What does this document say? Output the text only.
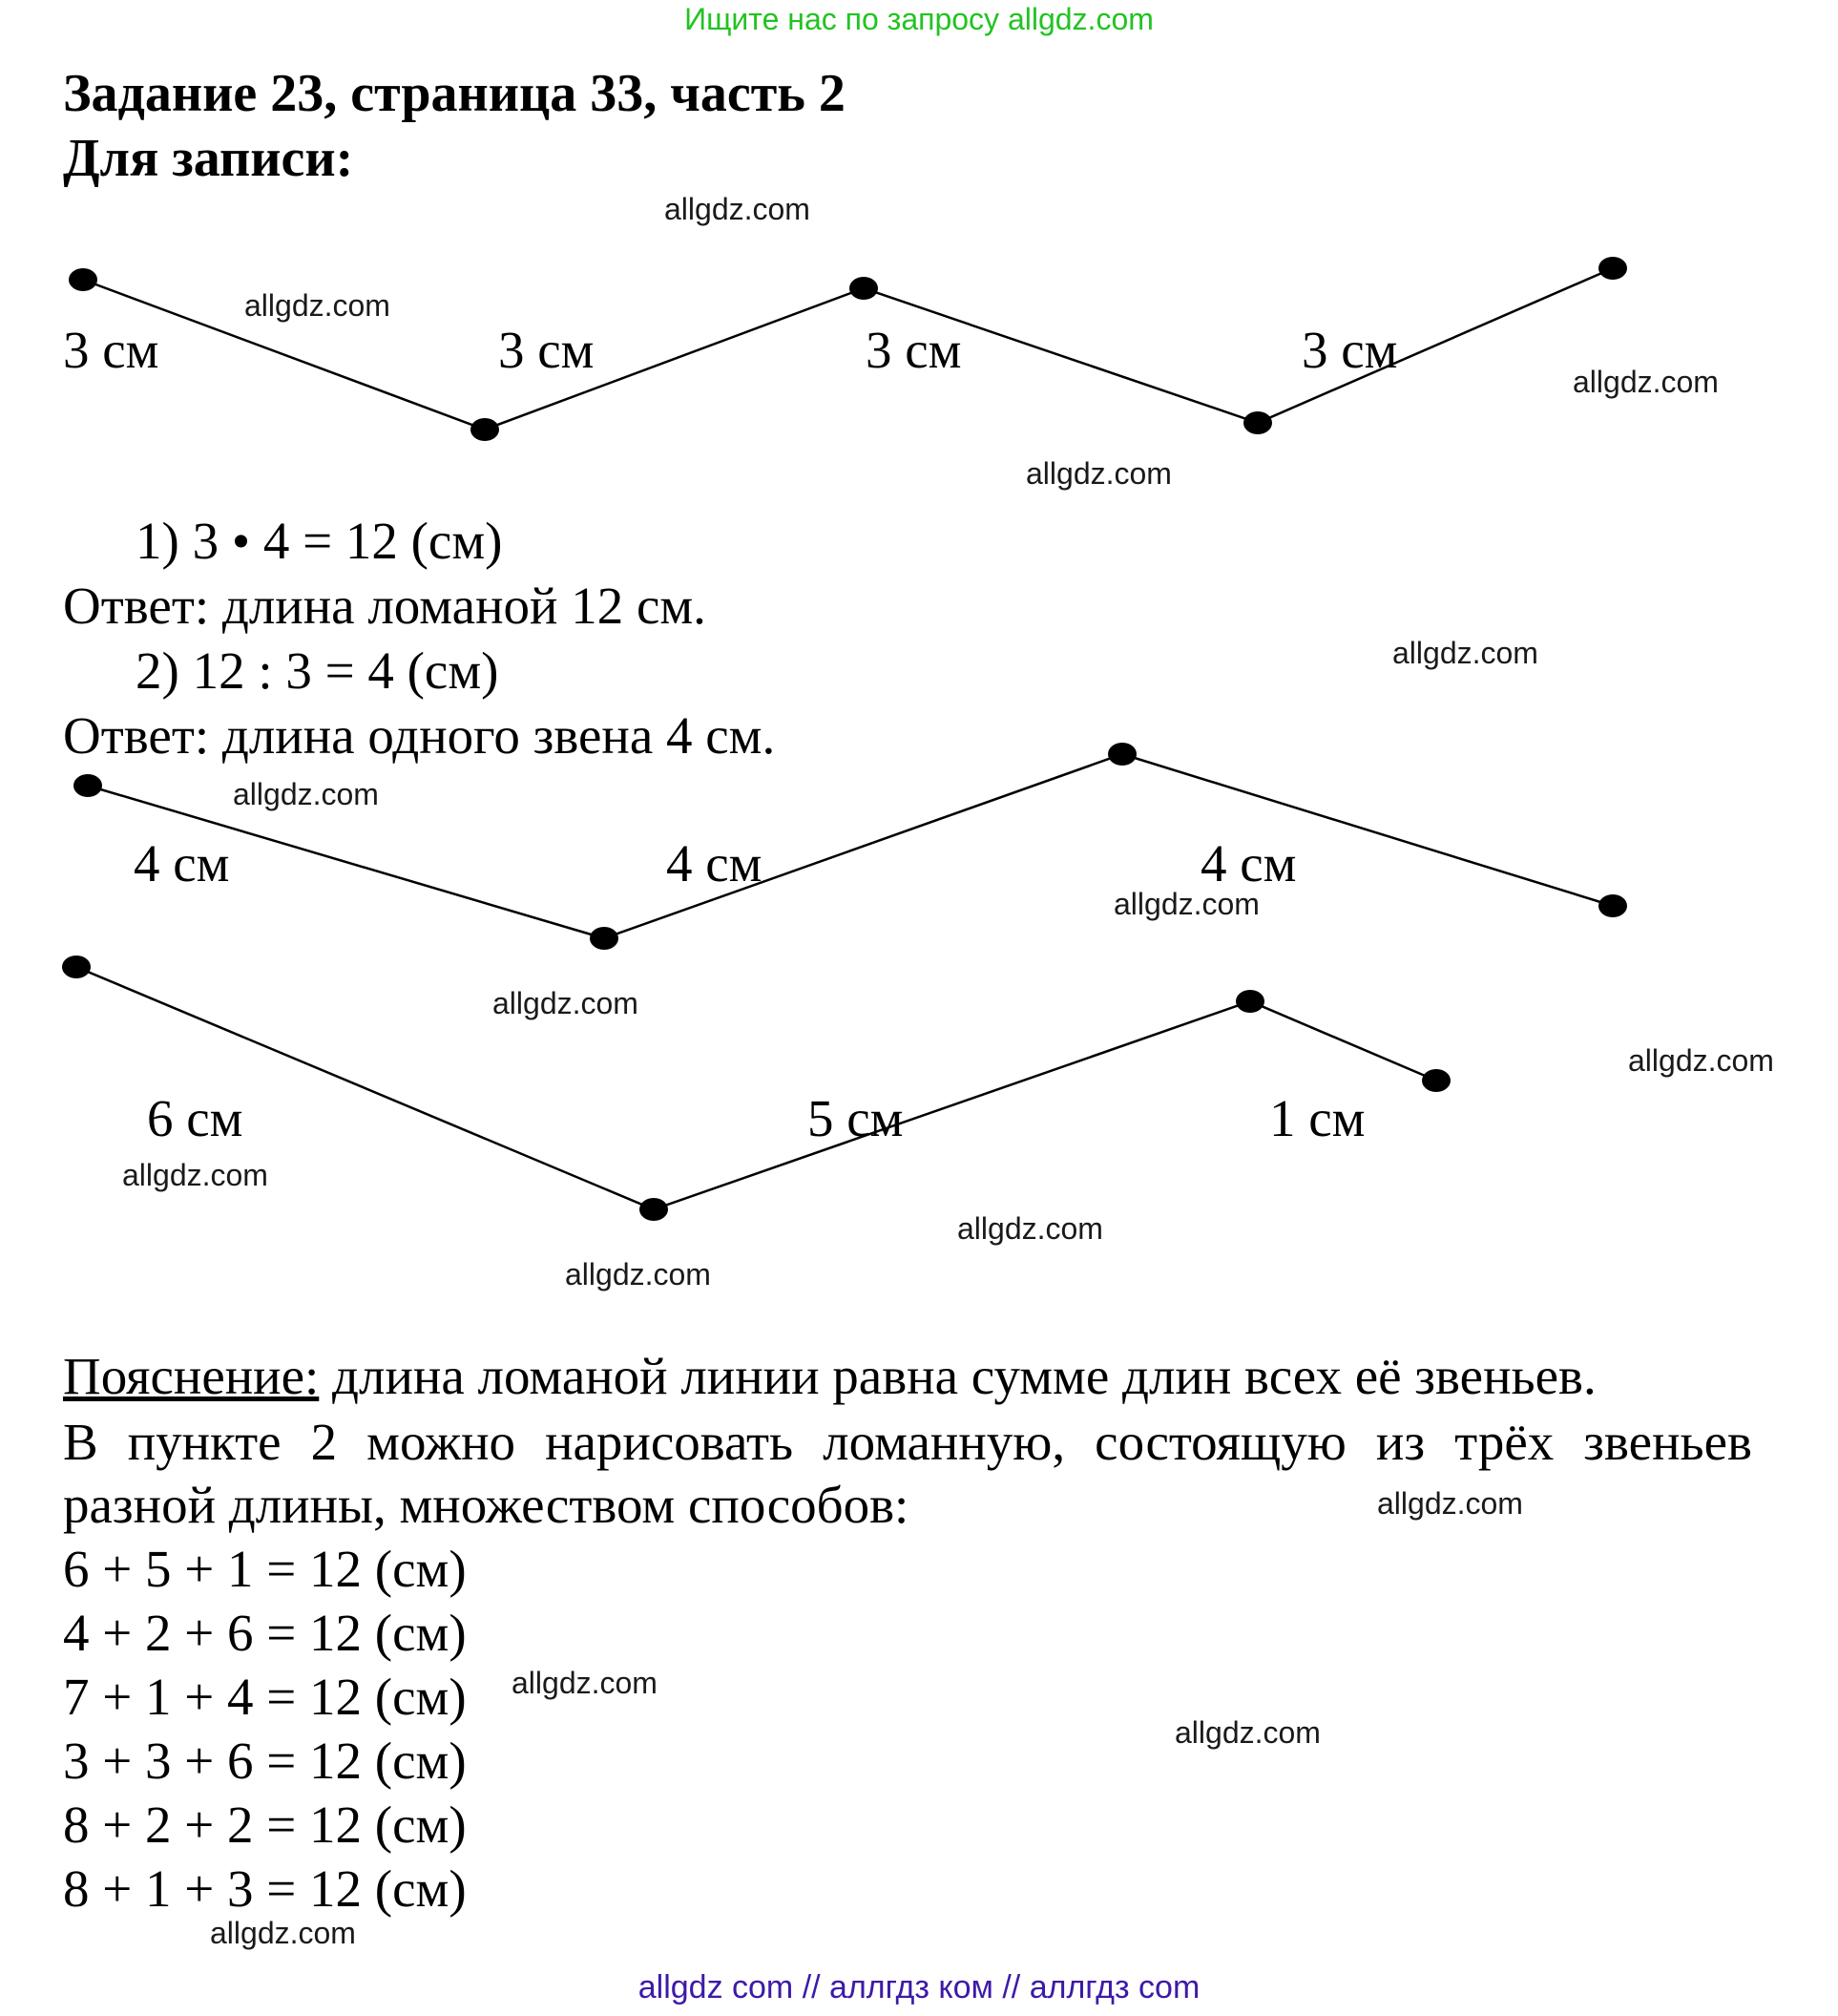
Ищите нас по запросу allgdz.com
Задание 23, страница 33, часть 2
Для записи:
3 см	3 см	3 см	3 см
1) 3 • 4 = 12 (см)
Ответ: длина ломаной 12 см.
2) 12 : 3 = 4 (см)
Ответ: длина одного звена 4 см.
4 см	4 см	4 см
6 см	5 см	1 см
Пояснение: длина ломаной линии равна сумме длин всех её звеньев.
В пункте 2 можно нарисовать ломанную, состоящую из трёх звеньев разной длины, множеством способов:
6 + 5 + 1 = 12 (см)
4 + 2 + 6 = 12 (см)
7 + 1 + 4 = 12 (см)
3 + 3 + 6 = 12 (см)
8 + 2 + 2 = 12 (см)
8 + 1 + 3 = 12 (см)
allgdz.com
allgdz.com
allgdz.com
allgdz.com
allgdz.com
allgdz.com
allgdz.com
allgdz.com
allgdz.com
allgdz.com
allgdz.com
allgdz.com
allgdz.com
allgdz.com
allgdz.com
allgdz.com
allgdz com // аллгдз ком // аллгдз com
